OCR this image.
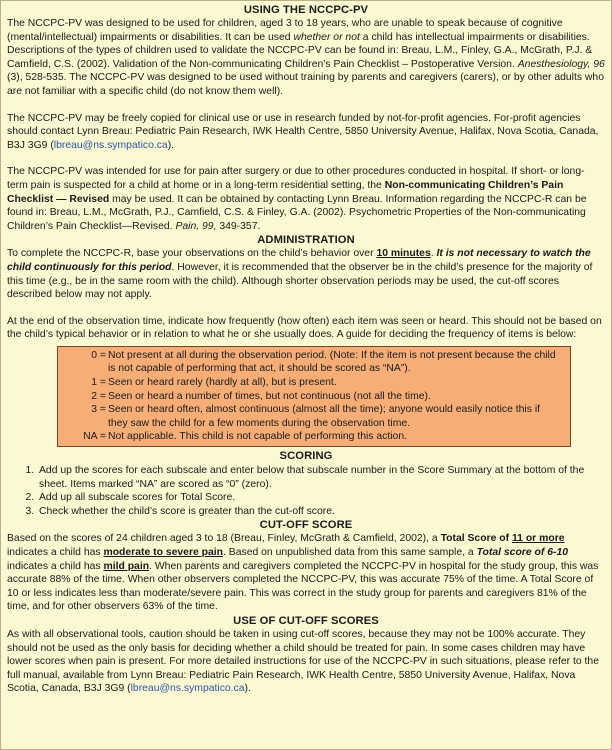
USING THE NCCPC-PV

The NCCPC-PV was designed to be used for children, aged 3 to 18 years, who are unable to speak because of cognitive (mental/intellectual) impairments or disabilities. It can be used whether or not a child has intellectual impairments or disabilities. Descriptions of the types of children used to validate the NCCPC-PV can be found in: Breau, L.M., Finley, G.A., McGrath, P.J. & Camfield, C.S. (2002). Validation of the Non-communicating Children’s Pain Checklist – Postoperative Version. Anesthesiology, 96 (3), 528-535. The NCCPC-PV was designed to be used without training by parents and caregivers (carers), or by other adults who are not familiar with a specific child (do not know them well).

The NCCPC-PV may be freely copied for clinical use or use in research funded by not-for-profit agencies. For-profit agencies should contact Lynn Breau: Pediatric Pain Research, IWK Health Centre, 5850 University Avenue, Halifax, Nova Scotia, Canada, B3J 3G9 (lbreau@ns.sympatico.ca).

The NCCPC-PV was intended for use for pain after surgery or due to other procedures conducted in hospital. If short- or long-term pain is suspected for a child at home or in a long-term residential setting, the Non-communicating Children’s Pain Checklist — Revised may be used. It can be obtained by contacting Lynn Breau. Information regarding the NCCPC-R can be found in: Breau, L.M., McGrath, P.J., Camfield, C.S. & Finley, G.A. (2002). Psychometric Properties of the Non-communicating Children’s Pain Checklist—Revised. Pain, 99, 349-357.

ADMINISTRATION

To complete the NCCPC-R, base your observations on the child’s behavior over 10 minutes. It is not necessary to watch the child continuously for this period. However, it is recommended that the observer be in the child’s presence for the majority of this time (e.g., be in the same room with the child). Although shorter observation periods may be used, the cut-off scores described below may not apply.

At the end of the observation time, indicate how frequently (how often) each item was seen or heard. This should not be based on the child’s typical behavior or in relation to what he or she usually does. A guide for deciding the frequency of items is below:

0 = Not present at all during the observation period. (Note: If the item is not present because the child is not capable of performing that act, it should be scored as “NA”).
1 = Seen or heard rarely (hardly at all), but is present.
2 = Seen or heard a number of times, but not continuous (not all the time).
3 = Seen or heard often, almost continuous (almost all the time); anyone would easily notice this if they saw the child for a few moments during the observation time.
NA = Not applicable. This child is not capable of performing this action.
SCORING
1. Add up the scores for each subscale and enter below that subscale number in the Score Summary at the bottom of the sheet. Items marked “NA” are scored as “0” (zero).
2. Add up all subscale scores for Total Score.
3. Check whether the child’s score is greater than the cut-off score.
CUT-OFF SCORE

Based on the scores of 24 children aged 3 to 18 (Breau, Finley, McGrath & Camfield, 2002), a Total Score of 11 or more indicates a child has moderate to severe pain. Based on unpublished data from this same sample, a Total score of 6-10 indicates a child has mild pain. When parents and caregivers completed the NCCPC-PV in hospital for the study group, this was accurate 88% of the time. When other observers completed the NCCPC-PV, this was accurate 75% of the time. A Total Score of 10 or less indicates less than moderate/severe pain. This was correct in the study group for parents and caregivers 81% of the time, and for other observers 63% of the time.

USE OF CUT-OFF SCORES

As with all observational tools, caution should be taken in using cut-off scores, because they may not be 100% accurate. They should not be used as the only basis for deciding whether a child should be treated for pain. In some cases children may have lower scores when pain is present. For more detailed instructions for use of the NCCPC-PV in such situations, please refer to the full manual, available from Lynn Breau: Pediatric Pain Research, IWK Health Centre, 5850 University Avenue, Halifax, Nova Scotia, Canada, B3J 3G9 (lbreau@ns.sympatico.ca).
